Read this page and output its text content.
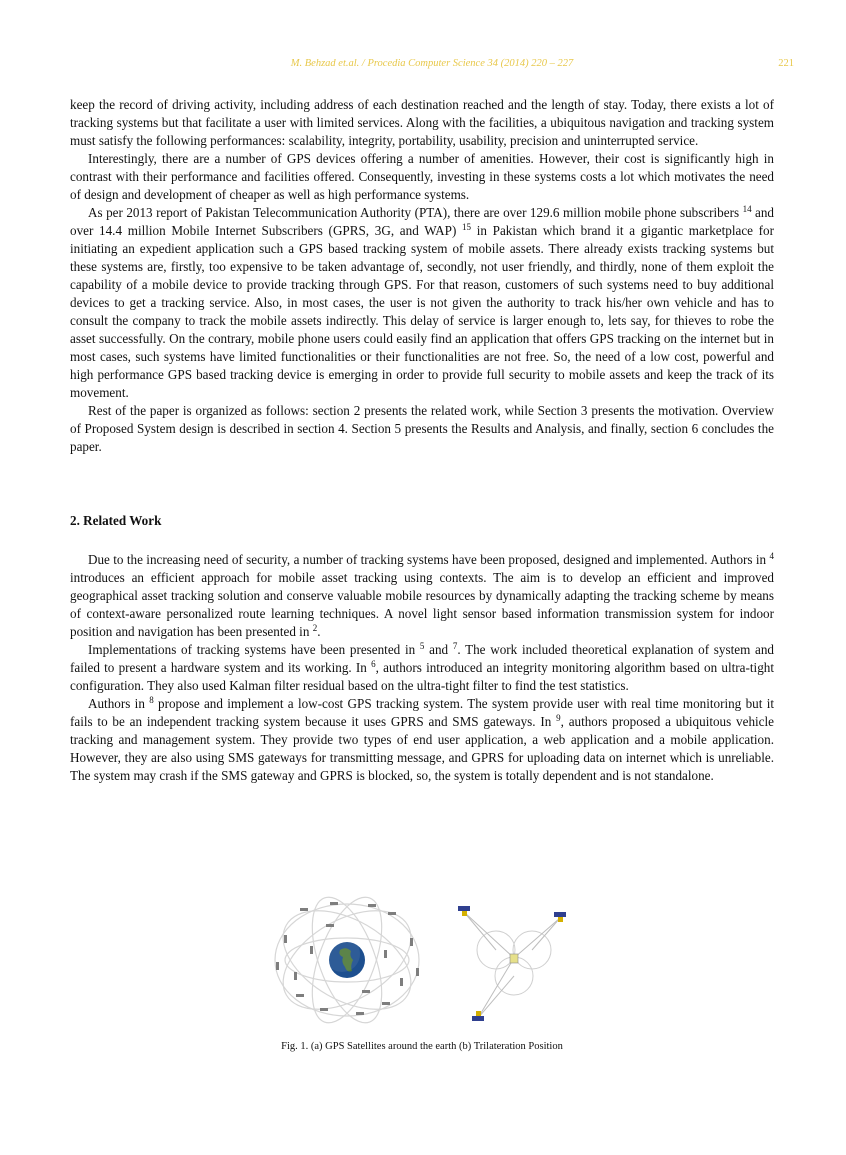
M. Behzad et.al. / Procedia Computer Science 34 (2014) 220 – 227	221

keep the record of driving activity, including address of each destination reached and the length of stay. Today, there exists a lot of tracking systems but that facilitate a user with limited services. Along with the facilities, a ubiquitous navigation and tracking system must satisfy the following performances: scalability, integrity, portability, usability, precision and uninterrupted service.

Interestingly, there are a number of GPS devices offering a number of amenities. However, their cost is significantly high in contrast with their performance and facilities offered. Consequently, investing in these systems costs a lot which motivates the need of design and development of cheaper as well as high performance systems.

As per 2013 report of Pakistan Telecommunication Authority (PTA), there are over 129.6 million mobile phone subscribers $^{14}$ and over 14.4 million Mobile Internet Subscribers (GPRS, 3G, and WAP) $^{15}$ in Pakistan which brand it a gigantic marketplace for initiating an expedient application such a GPS based tracking system of mobile assets. There already exists tracking systems but these systems are, firstly, too expensive to be taken advantage of, secondly, not user friendly, and thirdly, none of them exploit the capability of a mobile device to provide tracking through GPS. For that reason, customers of such systems need to buy additional devices to get a tracking service. Also, in most cases, the user is not given the authority to track his/her own vehicle and has to consult the company to track the mobile assets indirectly. This delay of service is larger enough to, lets say, for thieves to robe the asset successfully. On the contrary, mobile phone users could easily find an application that offers GPS tracking on the internet but in most cases, such systems have limited functionalities or their functionalities are not free. So, the need of a low cost, powerful and high performance GPS based tracking device is emerging in order to provide full security to mobile assets and keep the track of its movement.

Rest of the paper is organized as follows: section 2 presents the related work, while Section 3 presents the motivation. Overview of Proposed System design is described in section 4. Section 5 presents the Results and Analysis, and finally, section 6 concludes the paper.

2. Related Work

Due to the increasing need of security, a number of tracking systems have been proposed, designed and implemented. Authors in $^4$ introduces an efficient approach for mobile asset tracking using contexts. The aim is to develop an efficient and improved geographical asset tracking solution and conserve valuable mobile resources by dynamically adapting the tracking scheme by means of context-aware personalized route learning techniques. A novel light sensor based information transmission system for indoor position and navigation has been presented in $^2$.

Implementations of tracking systems have been presented in $^5$ and $^7$. The work included theoretical explanation of system and failed to present a hardware system and its working. In $^6$, authors introduced an integrity monitoring algorithm based on ultra-tight configuration. They also used Kalman filter residual based on the ultra-tight filter to find the test statistics.

Authors in $^8$ propose and implement a low-cost GPS tracking system. The system provide user with real time monitoring but it fails to be an independent tracking system because it uses GPRS and SMS gateways. In $^9$, authors proposed a ubiquitous vehicle tracking and management system. They provide two types of end user application, a web application and a mobile application. However, they are also using SMS gateways for transmitting message, and GPRS for uploading data on internet which is unreliable. The system may crash if the SMS gateway and GPRS is blocked, so, the system is totally dependent and is not standalone.

Fig. 1. (a) GPS Satellites around the earth (b) Trilateration Position
